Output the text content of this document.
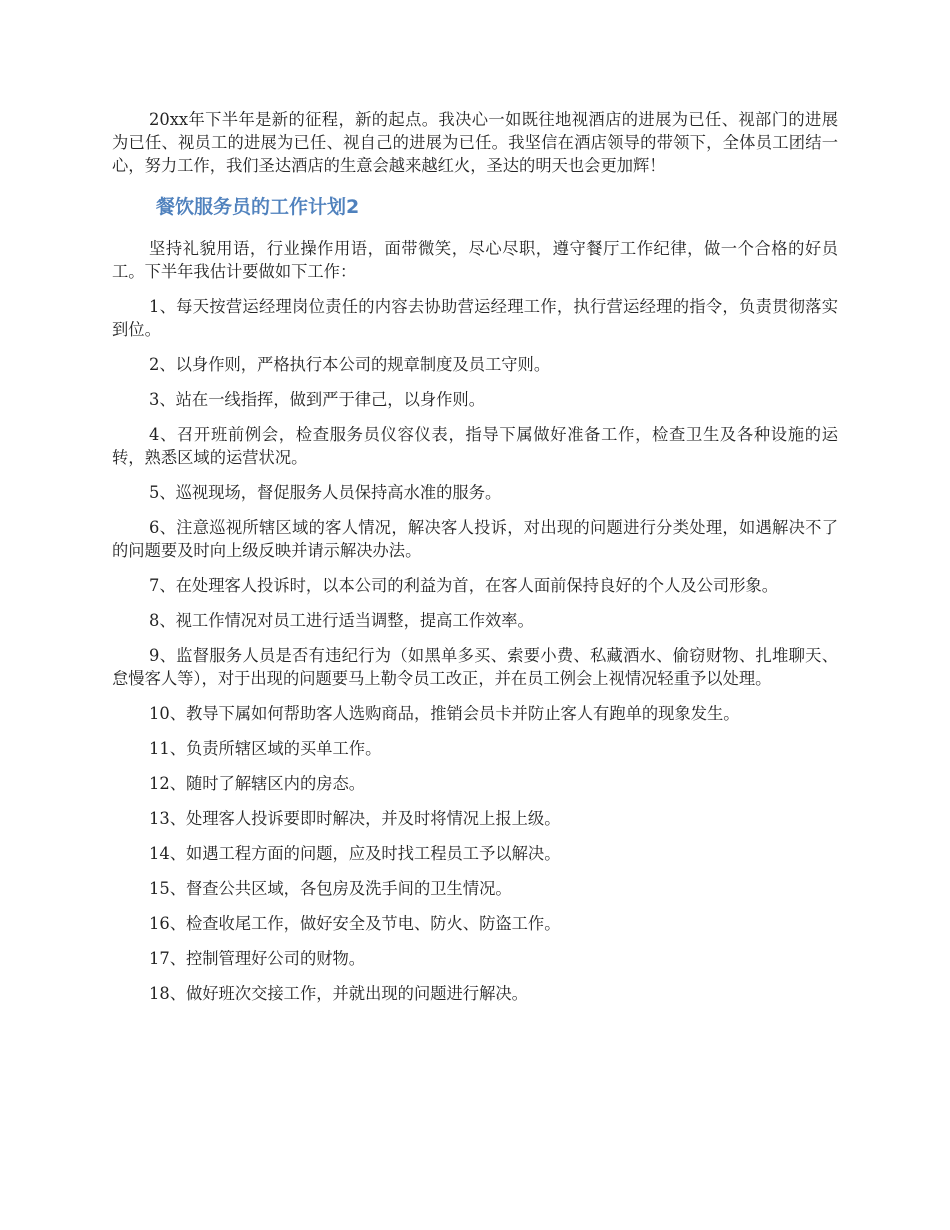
20xx年下半年是新的征程，新的起点。我决心一如既往地视酒店的进展为已任、视部门的进展为已任、视员工的进展为已任、视自己的进展为已任。我坚信在酒店领导的带领下，全体员工团结一心，努力工作，我们圣达酒店的生意会越来越红火，圣达的明天也会更加辉！

餐饮服务员的工作计划2

坚持礼貌用语，行业操作用语，面带微笑，尽心尽职，遵守餐厅工作纪律，做一个合格的好员工。下半年我估计要做如下工作：

1、每天按营运经理岗位责任的内容去协助营运经理工作，执行营运经理的指令，负责贯彻落实到位。

2、以身作则，严格执行本公司的规章制度及员工守则。

3、站在一线指挥，做到严于律己，以身作则。

4、召开班前例会，检查服务员仪容仪表，指导下属做好准备工作，检查卫生及各种设施的运转，熟悉区域的运营状况。

5、巡视现场，督促服务人员保持高水准的服务。

6、注意巡视所辖区域的客人情况，解决客人投诉，对出现的问题进行分类处理，如遇解决不了的问题要及时向上级反映并请示解决办法。

7、在处理客人投诉时，以本公司的利益为首，在客人面前保持良好的个人及公司形象。

8、视工作情况对员工进行适当调整，提高工作效率。

9、监督服务人员是否有违纪行为（如黑单多买、索要小费、私藏酒水、偷窃财物、扎堆聊天、怠慢客人等），对于出现的问题要马上勒令员工改正，并在员工例会上视情况轻重予以处理。

10、教导下属如何帮助客人选购商品，推销会员卡并防止客人有跑单的现象发生。

11、负责所辖区域的买单工作。

12、随时了解辖区内的房态。

13、处理客人投诉要即时解决，并及时将情况上报上级。

14、如遇工程方面的问题，应及时找工程员工予以解决。

15、督查公共区域，各包房及洗手间的卫生情况。

16、检查收尾工作，做好安全及节电、防火、防盗工作。

17、控制管理好公司的财物。

18、做好班次交接工作，并就出现的问题进行解决。
